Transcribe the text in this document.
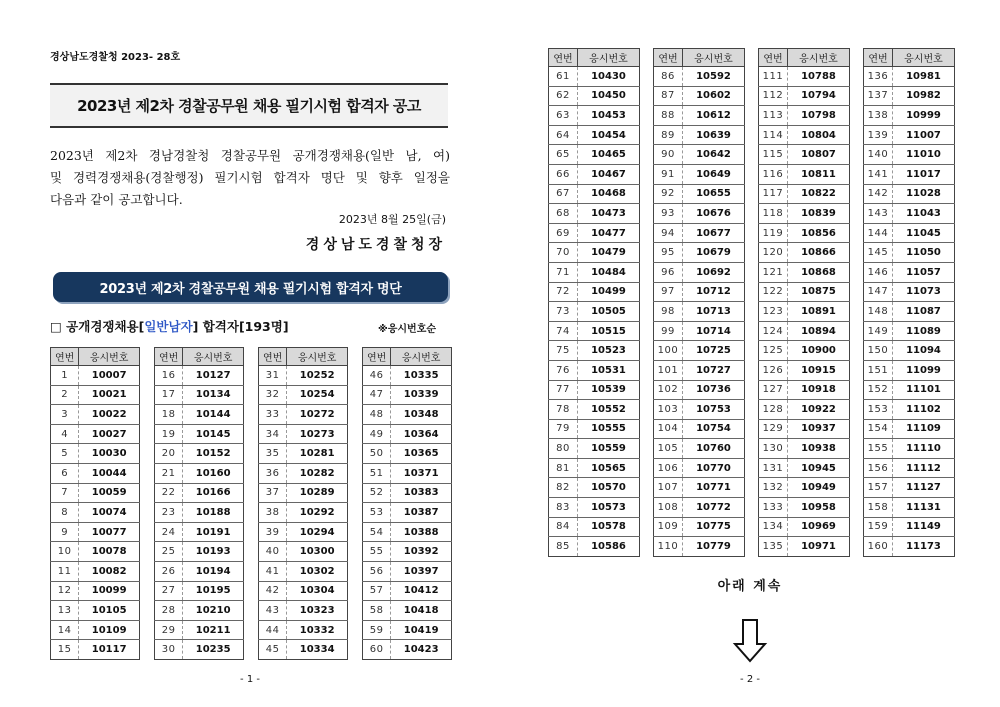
경상남도경찰청 2023- 28호
2023년 제2차 경찰공무원 채용 필기시험 합격자 공고
2023년 제2차 경남경찰청 경찰공무원 공개경쟁채용(일반 남, 여)
및 경력경쟁채용(경찰행정) 필기시험 합격자 명단 및 향후 일정을
다음과 같이 공고합니다.
2023년 8월 25일(금)
경상남도경찰청장
2023년 제2차 경찰공무원 채용 필기시험 합격자 명단
□ 공개경쟁채용[일반남자] 합격자[193명]	※응시번호순
연번	응시번호
1	10007
2	10021
3	10022
4	10027
5	10030
6	10044
7	10059
8	10074
9	10077
10	10078
11	10082
12	10099
13	10105
14	10109
15	10117
연번	응시번호
16	10127
17	10134
18	10144
19	10145
20	10152
21	10160
22	10166
23	10188
24	10191
25	10193
26	10194
27	10195
28	10210
29	10211
30	10235
연번	응시번호
31	10252
32	10254
33	10272
34	10273
35	10281
36	10282
37	10289
38	10292
39	10294
40	10300
41	10302
42	10304
43	10323
44	10332
45	10334
연번	응시번호
46	10335
47	10339
48	10348
49	10364
50	10365
51	10371
52	10383
53	10387
54	10388
55	10392
56	10397
57	10412
58	10418
59	10419
60	10423
연번	응시번호
61	10430
62	10450
63	10453
64	10454
65	10465
66	10467
67	10468
68	10473
69	10477
70	10479
71	10484
72	10499
73	10505
74	10515
75	10523
76	10531
77	10539
78	10552
79	10555
80	10559
81	10565
82	10570
83	10573
84	10578
85	10586
연번	응시번호
86	10592
87	10602
88	10612
89	10639
90	10642
91	10649
92	10655
93	10676
94	10677
95	10679
96	10692
97	10712
98	10713
99	10714
100	10725
101	10727
102	10736
103	10753
104	10754
105	10760
106	10770
107	10771
108	10772
109	10775
110	10779
연번	응시번호
111	10788
112	10794
113	10798
114	10804
115	10807
116	10811
117	10822
118	10839
119	10856
120	10866
121	10868
122	10875
123	10891
124	10894
125	10900
126	10915
127	10918
128	10922
129	10937
130	10938
131	10945
132	10949
133	10958
134	10969
135	10971
연번	응시번호
136	10981
137	10982
138	10999
139	11007
140	11010
141	11017
142	11028
143	11043
144	11045
145	11050
146	11057
147	11073
148	11087
149	11089
150	11094
151	11099
152	11101
153	11102
154	11109
155	11110
156	11112
157	11127
158	11131
159	11149
160	11173
아래 계속
- 1 -	- 2 -
